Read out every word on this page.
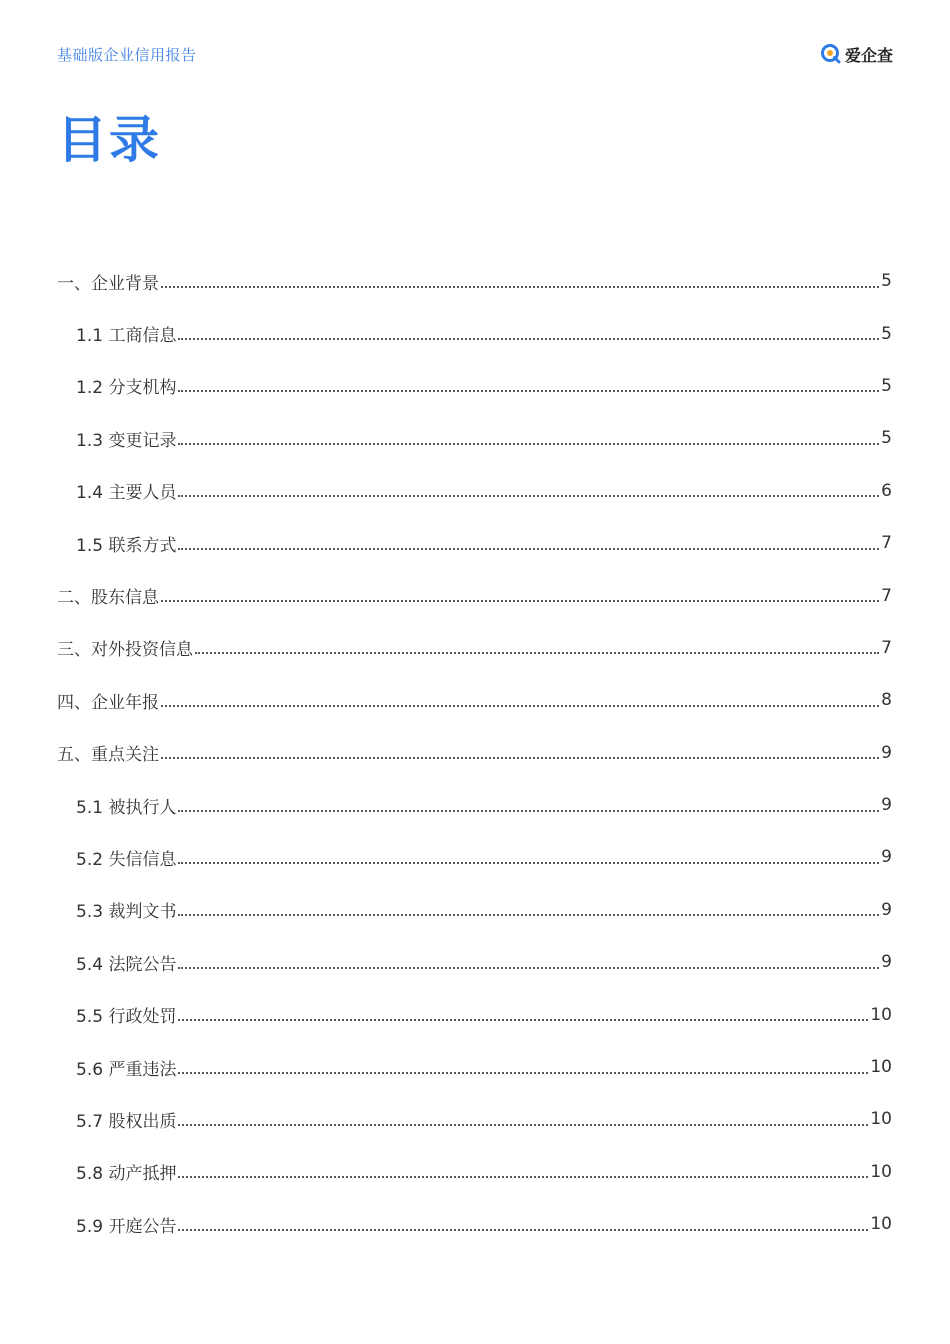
基础版企业信用报告	爱企查
目录
一、企业背景	5
1.1 工商信息	5
1.2 分支机构	5
1.3 变更记录	5
1.4 主要人员	6
1.5 联系方式	7
二、股东信息	7
三、对外投资信息	7
四、企业年报	8
五、重点关注	9
5.1 被执行人	9
5.2 失信信息	9
5.3 裁判文书	9
5.4 法院公告	9
5.5 行政处罚	10
5.6 严重违法	10
5.7 股权出质	10
5.8 动产抵押	10
5.9 开庭公告	10
